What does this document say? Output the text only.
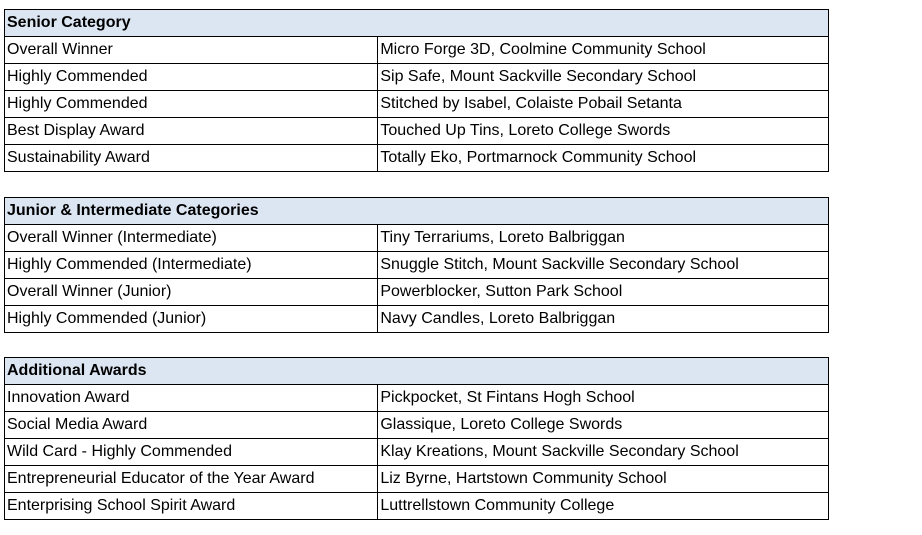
Senior Category	
Overall Winner	Micro Forge 3D, Coolmine Community School
Highly Commended	Sip Safe, Mount Sackville Secondary School
Highly Commended	Stitched by Isabel, Colaiste Pobail Setanta
Best Display Award	Touched Up Tins, Loreto College Swords
Sustainability Award	Totally Eko, Portmarnock Community School
Junior & Intermediate Categories	
Overall Winner (Intermediate)	Tiny Terrariums, Loreto Balbriggan
Highly Commended (Intermediate)	Snuggle Stitch, Mount Sackville Secondary School
Overall Winner (Junior)	Powerblocker, Sutton Park School
Highly Commended (Junior)	Navy Candles, Loreto Balbriggan
Additional Awards	
Innovation Award	Pickpocket, St Fintans Hogh School
Social Media Award	Glassique, Loreto College Swords
Wild Card - Highly Commended	Klay Kreations, Mount Sackville Secondary School
Entrepreneurial Educator of the Year Award	Liz Byrne, Hartstown Community School
Enterprising School Spirit Award	Luttrellstown Community College
